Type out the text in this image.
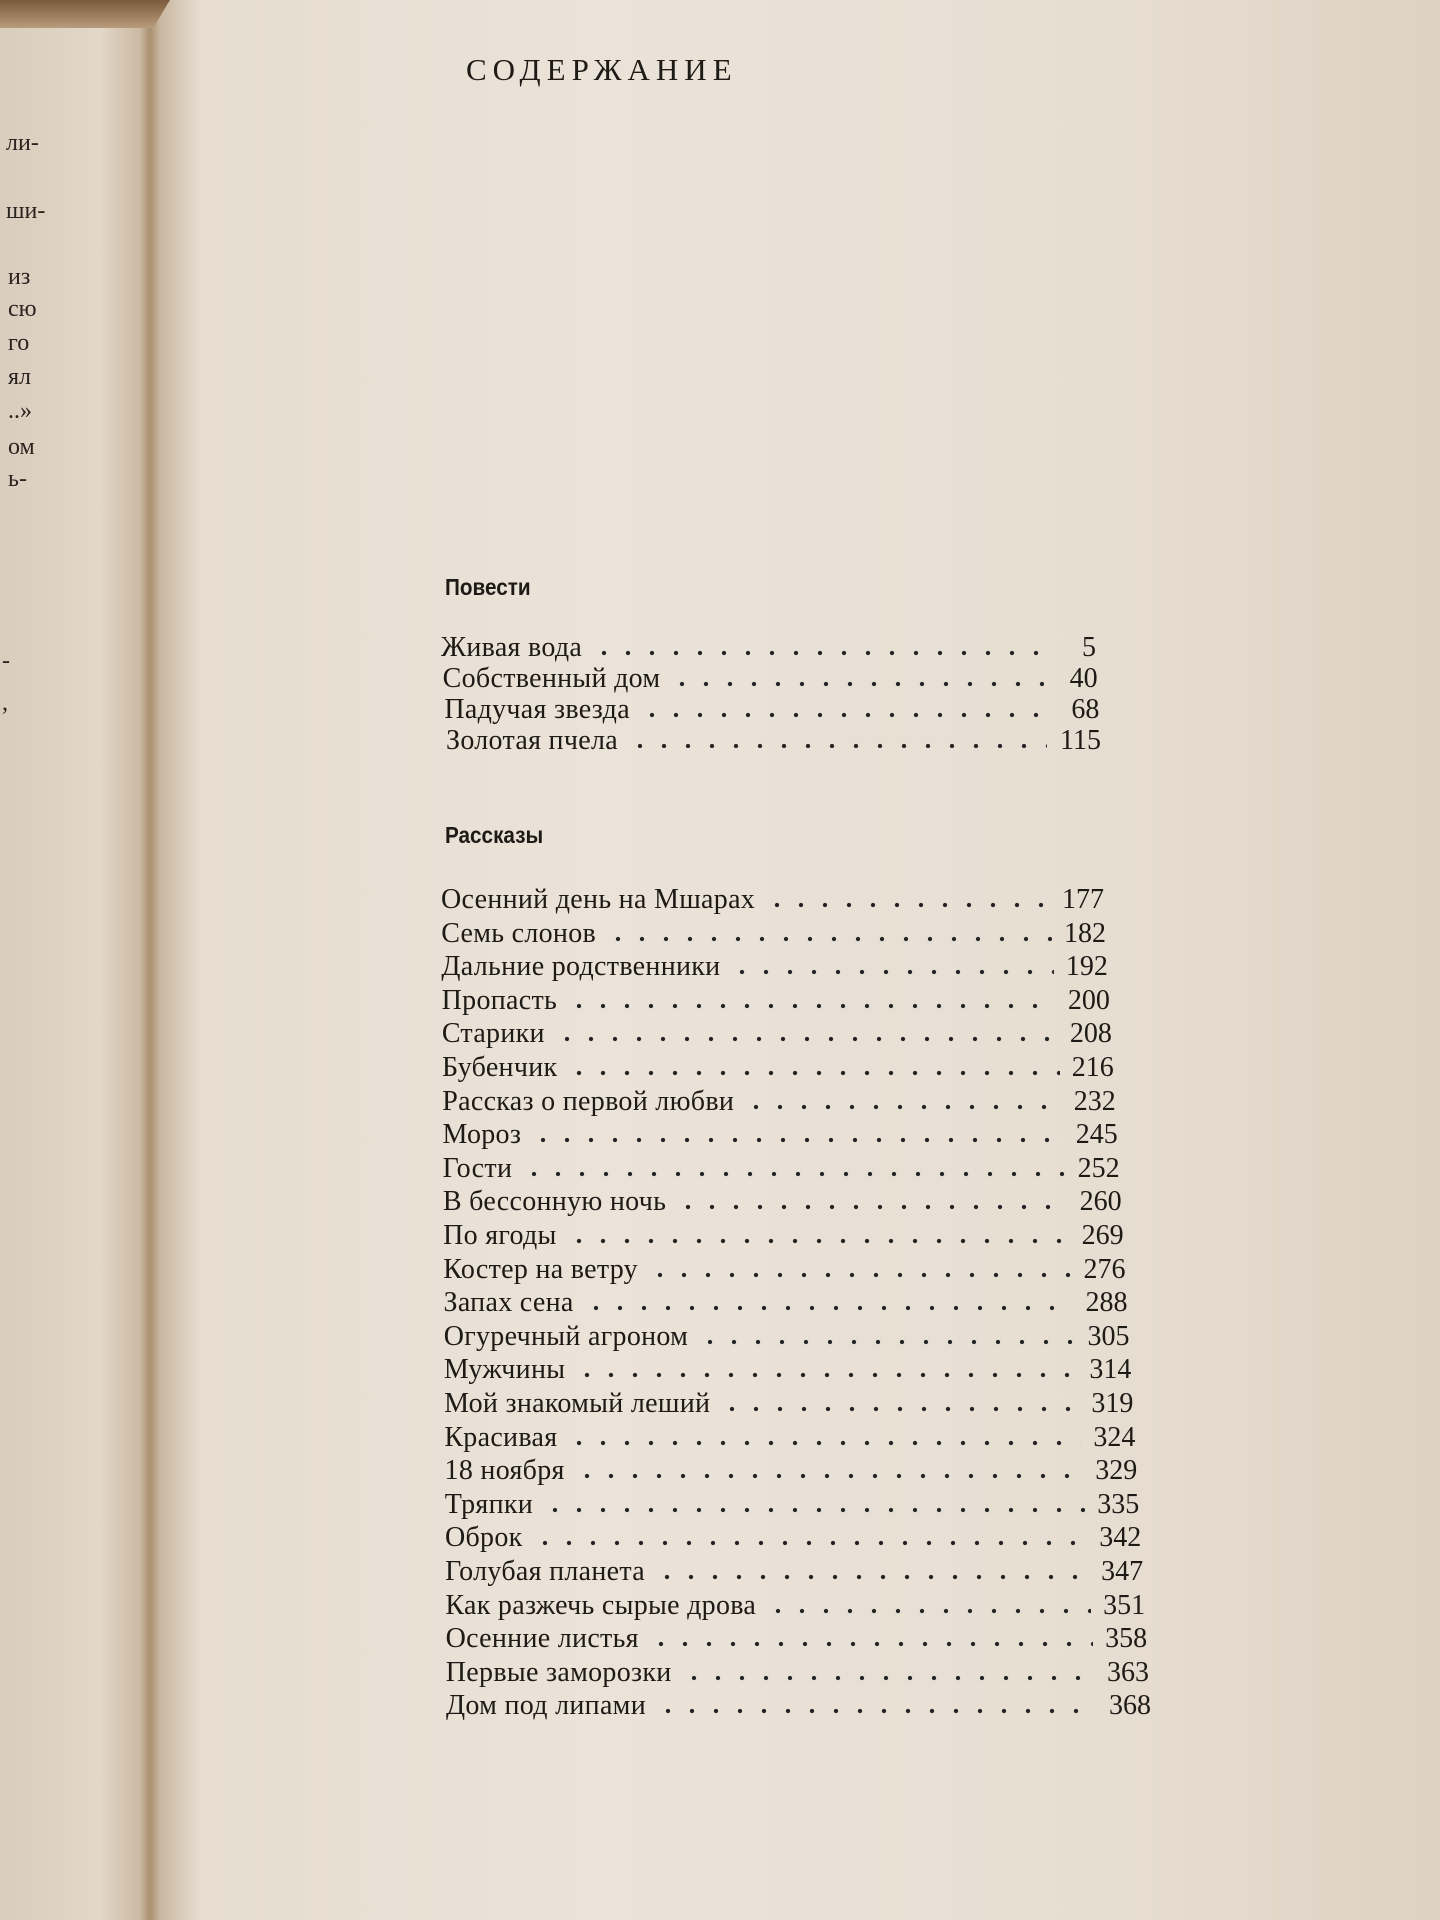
ли-
ши-
из
сю
го
ял
..»
ом
ь-
-
,
СОДЕРЖАНИЕ
Повести
Живая вода	5
Собственный дом	40
Падучая звезда	68
Золотая пчела	115
Рассказы
Осенний день на Мшарах	177
Семь слонов	182
Дальние родственники	192
Пропасть	200
Старики	208
Бубенчик	216
Рассказ о первой любви	232
Мороз	245
Гости	252
В бессонную ночь	260
По ягоды	269
Костер на ветру	276
Запах сена	288
Огуречный агроном	305
Мужчины	314
Мой знакомый леший	319
Красивая	324
18 ноября	329
Тряпки	335
Оброк	342
Голубая планета	347
Как разжечь сырые дрова	351
Осенние листья	358
Первые заморозки	363
Дом под липами	368
